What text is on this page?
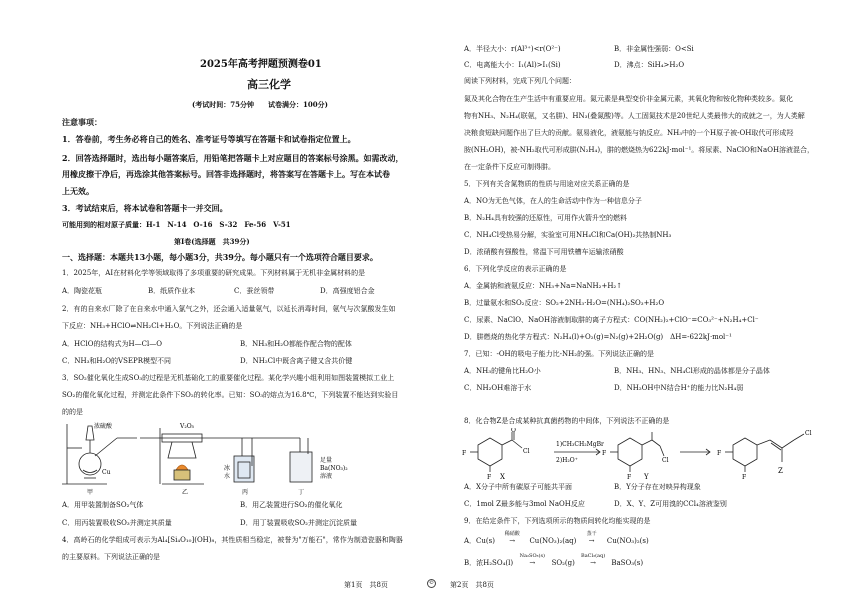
2025年高考押题预测卷01
高三化学
(考试时间：75分钟　　试卷满分：100分)
注意事项：
1．答卷前，考生务必将自己的姓名、准考证号等填写在答题卡和试卷指定位置上。
2．回答选择题时，选出每小题答案后，用铅笔把答题卡上对应题目的答案标号涂黑。如需改动，
用橡皮擦干净后，再选涂其他答案标号。回答非选择题时，将答案写在答题卡上。写在本试卷
上无效。
3．考试结束后，将本试卷和答题卡一并交回。
可能用到的相对原子质量：H-1　N-14　O-16　S-32　Fe-56　V-51
第Ⅰ卷(选择题　共39分)
一、选择题：本题共13小题，每小题3分，共39分。每小题只有一个选项符合题目要求。
1．2025年，AI在材料化学等领域取得了多项重要的研究成果。下列材料属于无机非金属材料的是
A．陶瓷花瓶	B．纸质作业本	C．蚕丝领带	D．高强度铝合金
2．有的自来水厂除了在自来水中通入氯气之外，还会通入适量氨气，以延长消毒时间，氨气与次氯酸发生如
下反应：NH₃+HClO⇌NH₂Cl+H₂O。下列说法正确的是
A．HClO的结构式为H—Cl—O	B．NH₃和H₂O都能作配合物的配体
C．NH₃和H₂O的VSEPR模型不同	D．NH₂Cl中既含离子键又含共价键
3．SO₂催化氧化生成SO₃的过程是无机基础化工的重要催化过程。某化学兴趣小组利用如图装置模拟工业上
SO₂的催化氧化过程，并测定此条件下SO₂的转化率。已知：SO₃的熔点为16.8℃，下列装置不能达到实验目
的的是
浓硫酸
Cu
甲
V₂O₅
乙
冰
水
丙
足量
Ba(NO₃)₂
溶液
丁
A．用甲装置制备SO₂气体	B．用乙装置进行SO₂的催化氧化
C．用丙装置吸收SO₃并测定其质量	D．用丁装置吸收SO₂并测定沉淀质量
4．高岭石的化学组成可表示为Al₄[Si₄O₁₀](OH)₈，其性质相当稳定，被誉为"万能石"，常作为制造瓷器和陶器
的主要原料。下列说法正确的是
第1页　共8页	©
A．半径大小：r(Al³⁺)<r(O²⁻)	B．非金属性强弱：O<Si
C．电离能大小：I₁(Al)>I₁(Si)	D．沸点：SiH₄>H₂O
阅读下列材料，完成下列几个问题：
氮及其化合物在生产生活中有重要应用。氮元素是典型变价非金属元素，其氧化物和铵化物种类较多。氮化
物有NH₃、N₂H₄(联氨，又名肼)、HN₃(叠氮酸)等。人工固氮技术是20世纪人类最伟大的成就之一，为人类解
决粮食短缺问题作出了巨大的贡献。氨易液化，液氨能与钠反应。NH₃中的一个H原子被-OH取代可形成羟
胺(NH₂OH)，被-NH₂取代可形成肼(N₂H₄)，肼的燃烧热为622kJ·mol⁻¹。将尿素、NaClO和NaOH溶液混合，
在一定条件下反应可制得肼。
5．下列有关含氮物质的性质与用途对应关系正确的是
A．NO为无色气体，在人的生命活动中作为一种信息分子
B．N₂H₄具有较强的还原性，可用作火箭升空的燃料
C．NH₄Cl受热易分解，实验室可用NH₄Cl和Ca(OH)₂共热制NH₃
D．浓硝酸有强酸性，常温下可用铁槽车运输浓硝酸
6．下列化学反应的表示正确的是
A．金属钠和液氨反应：NH₃+Na=NaNH₂+H₂↑
B．过量氨水和SO₂反应：SO₂+2NH₃·H₂O=(NH₄)₂SO₃+H₂O
C．尿素、NaClO、NaOH溶液制取肼的离子方程式：CO(NH₂)₂+ClO⁻=CO₃²⁻+N₂H₄+Cl⁻
D．肼燃烧的热化学方程式：N₂H₄(l)+O₂(g)=N₂(g)+2H₂O(g)　ΔH=-622kJ·mol⁻¹
7．已知：-OH的吸电子能力比-NH₂的强。下列说法正确的是
A．NH₃的键角比H₂O小	B．NH₃、HN₃、NH₄Cl形成的晶体都是分子晶体
C．NH₂OH难溶于水	D．NH₂OH中N结合H⁺的能力比N₂H₄弱
8．化合物Z是合成某种抗真菌药物的中间体，下列说法不正确的是
F
F
O
Cl
X
1)CH₃CH₂MgBr
2)H₂O⁺
F
F
Cl
Y
F
F
Cl
Z
A．X分子中所有碳原子可能共平面	B．Y分子存在对映异构现象
C．1mol Z最多能与3mol NaOH反应	D．X、Y、Z可用溴的CCl₄溶液鉴别
9．在给定条件下，下列选项所示的物质间转化均能实现的是
A．Cu(s)
稀硝酸
→ Cu(NO₃)₂(aq)
蒸干
→ Cu(NO₃)₂(s)
B．浓H₂SO₄(l)
Na₂SO₃(s)
→ SO₂(g)
BaCl₂(aq)
→ BaSO₃(s)
第2页　共8页
